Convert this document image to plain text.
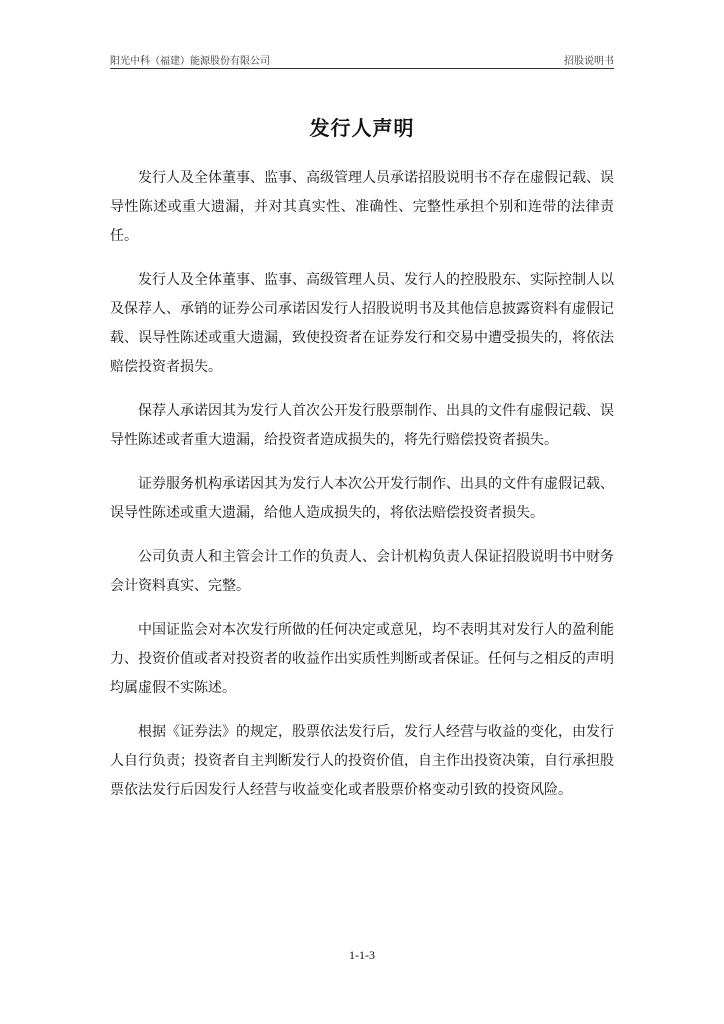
阳光中科（福建）能源股份有限公司	招股说明书
发行人声明

发行人及全体董事、监事、高级管理人员承诺招股说明书不存在虚假记载、误导性陈述或重大遗漏，并对其真实性、准确性、完整性承担个别和连带的法律责任。

发行人及全体董事、监事、高级管理人员、发行人的控股股东、实际控制人以及保荐人、承销的证券公司承诺因发行人招股说明书及其他信息披露资料有虚假记载、误导性陈述或重大遗漏，致使投资者在证券发行和交易中遭受损失的，将依法赔偿投资者损失。

保荐人承诺因其为发行人首次公开发行股票制作、出具的文件有虚假记载、误导性陈述或者重大遗漏，给投资者造成损失的，将先行赔偿投资者损失。

证券服务机构承诺因其为发行人本次公开发行制作、出具的文件有虚假记载、误导性陈述或重大遗漏，给他人造成损失的，将依法赔偿投资者损失。

公司负责人和主管会计工作的负责人、会计机构负责人保证招股说明书中财务会计资料真实、完整。

中国证监会对本次发行所做的任何决定或意见，均不表明其对发行人的盈利能力、投资价值或者对投资者的收益作出实质性判断或者保证。任何与之相反的声明均属虚假不实陈述。

根据《证券法》的规定，股票依法发行后，发行人经营与收益的变化，由发行人自行负责；投资者自主判断发行人的投资价值，自主作出投资决策，自行承担股票依法发行后因发行人经营与收益变化或者股票价格变动引致的投资风险。

1-1-3
